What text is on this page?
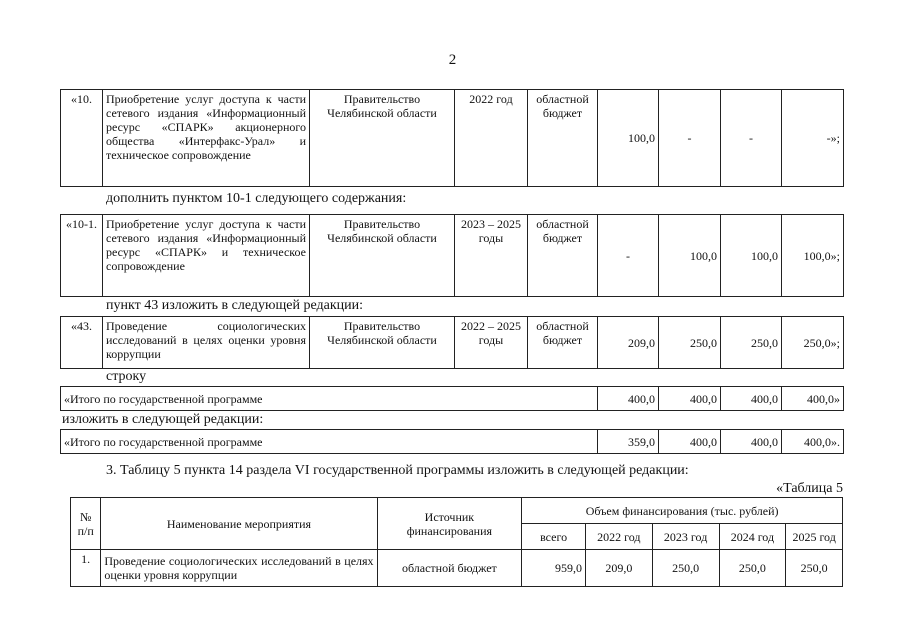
2
«10.	Приобретение услуг доступа к части сетевого издания «Информационный ресурс «СПАРК» акционерного общества «Интерфакс-Урал» и техническое сопровождение	Правительство Челябинской области	2022 год	областной бюджет	100,0	-	-	-»;
дополнить пунктом 10-1 следующего содержания:
«10-1.	Приобретение услуг доступа к части сетевого издания «Информационный ресурс «СПАРК» и техническое сопровождение	Правительство Челябинской области	2023 – 2025 годы	областной бюджет	-	100,0	100,0	100,0»;
пункт 43 изложить в следующей редакции:
«43.	Проведение социологических исследований в целях оценки уровня коррупции	Правительство Челябинской области	2022 – 2025 годы	областной бюджет	209,0	250,0	250,0	250,0»;
строку
«Итого по государственной программе	400,0	400,0	400,0	400,0»
изложить в следующей редакции:
«Итого по государственной программе	359,0	400,0	400,0	400,0».
3. Таблицу 5 пункта 14 раздела VI государственной программы изложить в следующей редакции:
«Таблица 5
№ п/п	Наименование мероприятия	Источник финансирования	Объем финансирования (тыс. рублей)				
			всего	2022 год	2023 год	2024 год	2025 год
1.	Проведение социологических исследований в целях оценки уровня коррупции	областной бюджет	959,0	209,0	250,0	250,0	250,0
